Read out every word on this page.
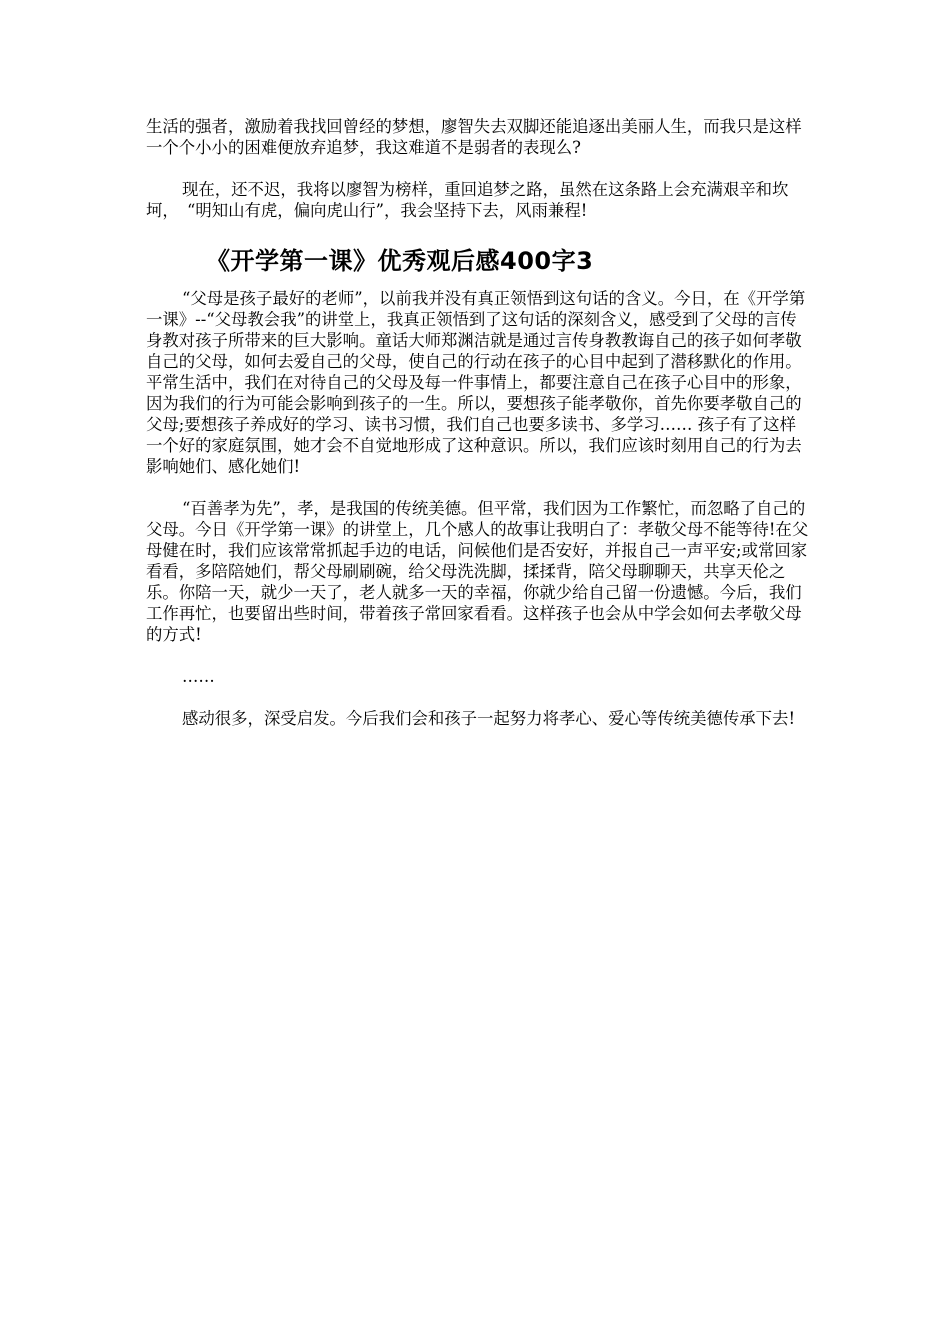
生活的强者，激励着我找回曾经的梦想，廖智失去双脚还能追逐出美丽人生，而我只是这样一个个小小的困难便放弃追梦，我这难道不是弱者的表现么?

现在，还不迟，我将以廖智为榜样，重回追梦之路，虽然在这条路上会充满艰辛和坎坷，　“明知山有虎，偏向虎山行”，我会坚持下去，风雨兼程!

《开学第一课》优秀观后感400字3

“父母是孩子最好的老师”，以前我并没有真正领悟到这句话的含义。今日，在《开学第一课》--“父母教会我”的讲堂上，我真正领悟到了这句话的深刻含义，感受到了父母的言传身教对孩子所带来的巨大影响。童话大师郑渊洁就是通过言传身教教诲自己的孩子如何孝敬自己的父母，如何去爱自己的父母，使自己的行动在孩子的心目中起到了潜移默化的作用。平常生活中，我们在对待自己的父母及每一件事情上，都要注意自己在孩子心目中的形象，因为我们的行为可能会影响到孩子的一生。所以，要想孩子能孝敬你，首先你要孝敬自己的父母;要想孩子养成好的学习、读书习惯，我们自己也要多读书、多学习…… 孩子有了这样一个好的家庭氛围，她才会不自觉地形成了这种意识。所以，我们应该时刻用自己的行为去影响她们、感化她们!

“百善孝为先”，孝，是我国的传统美德。但平常，我们因为工作繁忙，而忽略了自己的父母。今日《开学第一课》的讲堂上，几个感人的故事让我明白了：孝敬父母不能等待!在父母健在时，我们应该常常抓起手边的电话，问候他们是否安好，并报自己一声平安;或常回家看看，多陪陪她们，帮父母刷刷碗，给父母洗洗脚，揉揉背，陪父母聊聊天，共享天伦之乐。你陪一天，就少一天了，老人就多一天的幸福，你就少给自己留一份遗憾。今后，我们工作再忙，也要留出些时间，带着孩子常回家看看。这样孩子也会从中学会如何去孝敬父母的方式!

……

感动很多，深受启发。今后我们会和孩子一起努力将孝心、爱心等传统美德传承下去!
